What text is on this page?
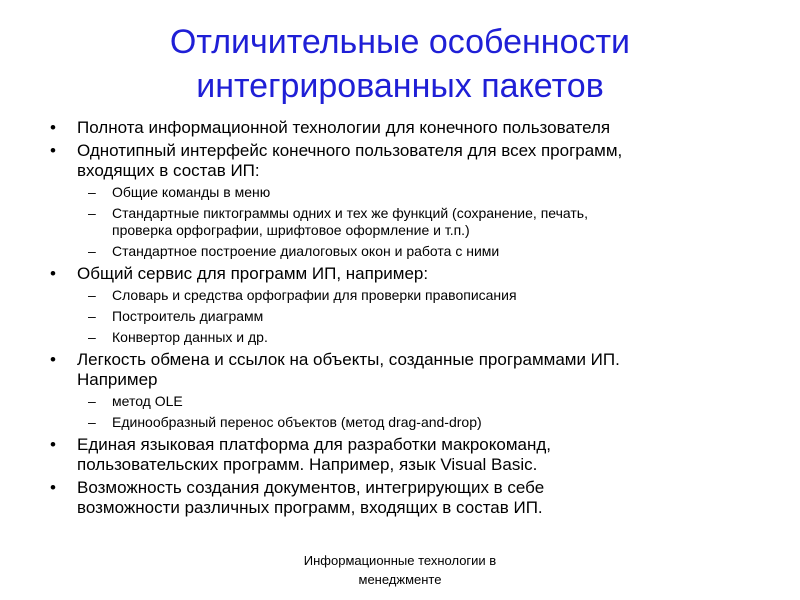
Отличительные особенности
интегрированных пакетов
•	Полнота информационной технологии для конечного пользователя
•	Однотипный интерфейс конечного пользователя для всех программ,
входящих в состав ИП:
– Общие команды в меню
– Стандартные пиктограммы одних и тех же функций (сохранение, печать,
проверка орфографии, шрифтовое оформление и т.п.)
– Стандартное построение диалоговых окон и работа с ними
•	Общий сервис для программ ИП, например:
– Словарь и средства орфографии для проверки правописания
– Построитель диаграмм
– Конвертор данных и др.
•	Легкость обмена и ссылок на объекты, созданные программами ИП.
Например
– метод OLE
– Единообразный перенос объектов (метод drag-and-drop)
•	Единая языковая платформа для разработки макрокоманд,
пользовательских программ. Например, язык Visual Basic.
•	Возможность создания документов, интегрирующих в себе
возможности различных программ, входящих в состав ИП.
Информационные технологии в
менеджменте
